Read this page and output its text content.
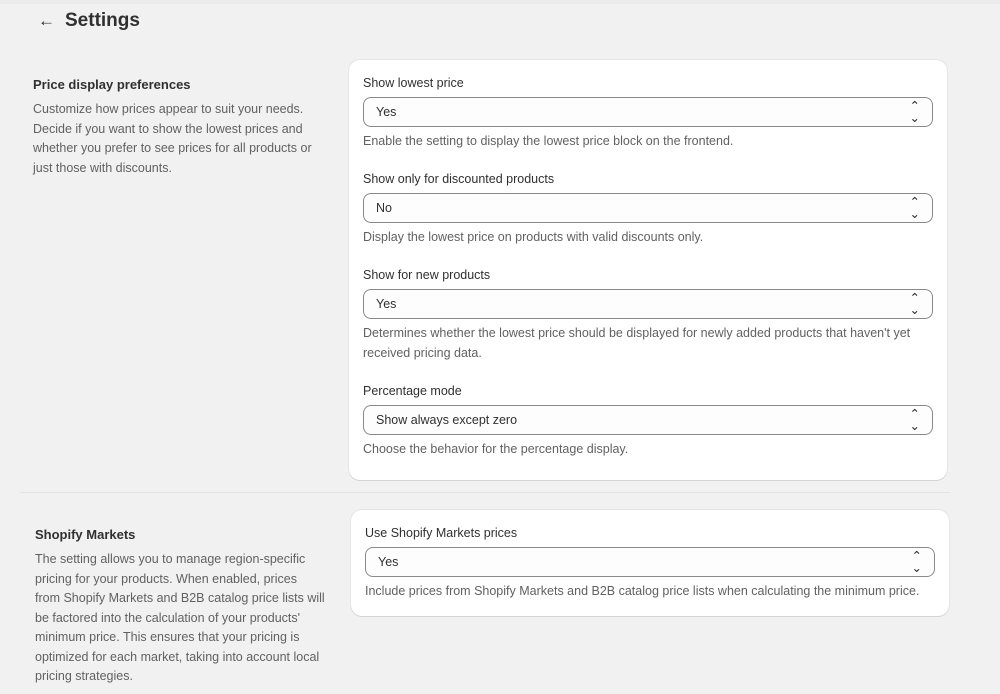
← Settings
Price display preferences

Customize how prices appear to suit your needs. Decide if you want to show the lowest prices and whether you prefer to see prices for all products or just those with discounts.

Show lowest price
Yes	⌃
⌄
Enable the setting to display the lowest price block on the frontend.
Show only for discounted products
No	⌃
⌄
Display the lowest price on products with valid discounts only.
Show for new products
Yes	⌃
⌄
Determines whether the lowest price should be displayed for newly added products that haven't yet received pricing data.
Percentage mode
Show always except zero	⌃
⌄
Choose the behavior for the percentage display.
Shopify Markets

The setting allows you to manage region-specific pricing for your products. When enabled, prices from Shopify Markets and B2B catalog price lists will be factored into the calculation of your products' minimum price. This ensures that your pricing is optimized for each market, taking into account local pricing strategies.

Use Shopify Markets prices
Yes	⌃
⌄
Include prices from Shopify Markets and B2B catalog price lists when calculating the minimum price.
